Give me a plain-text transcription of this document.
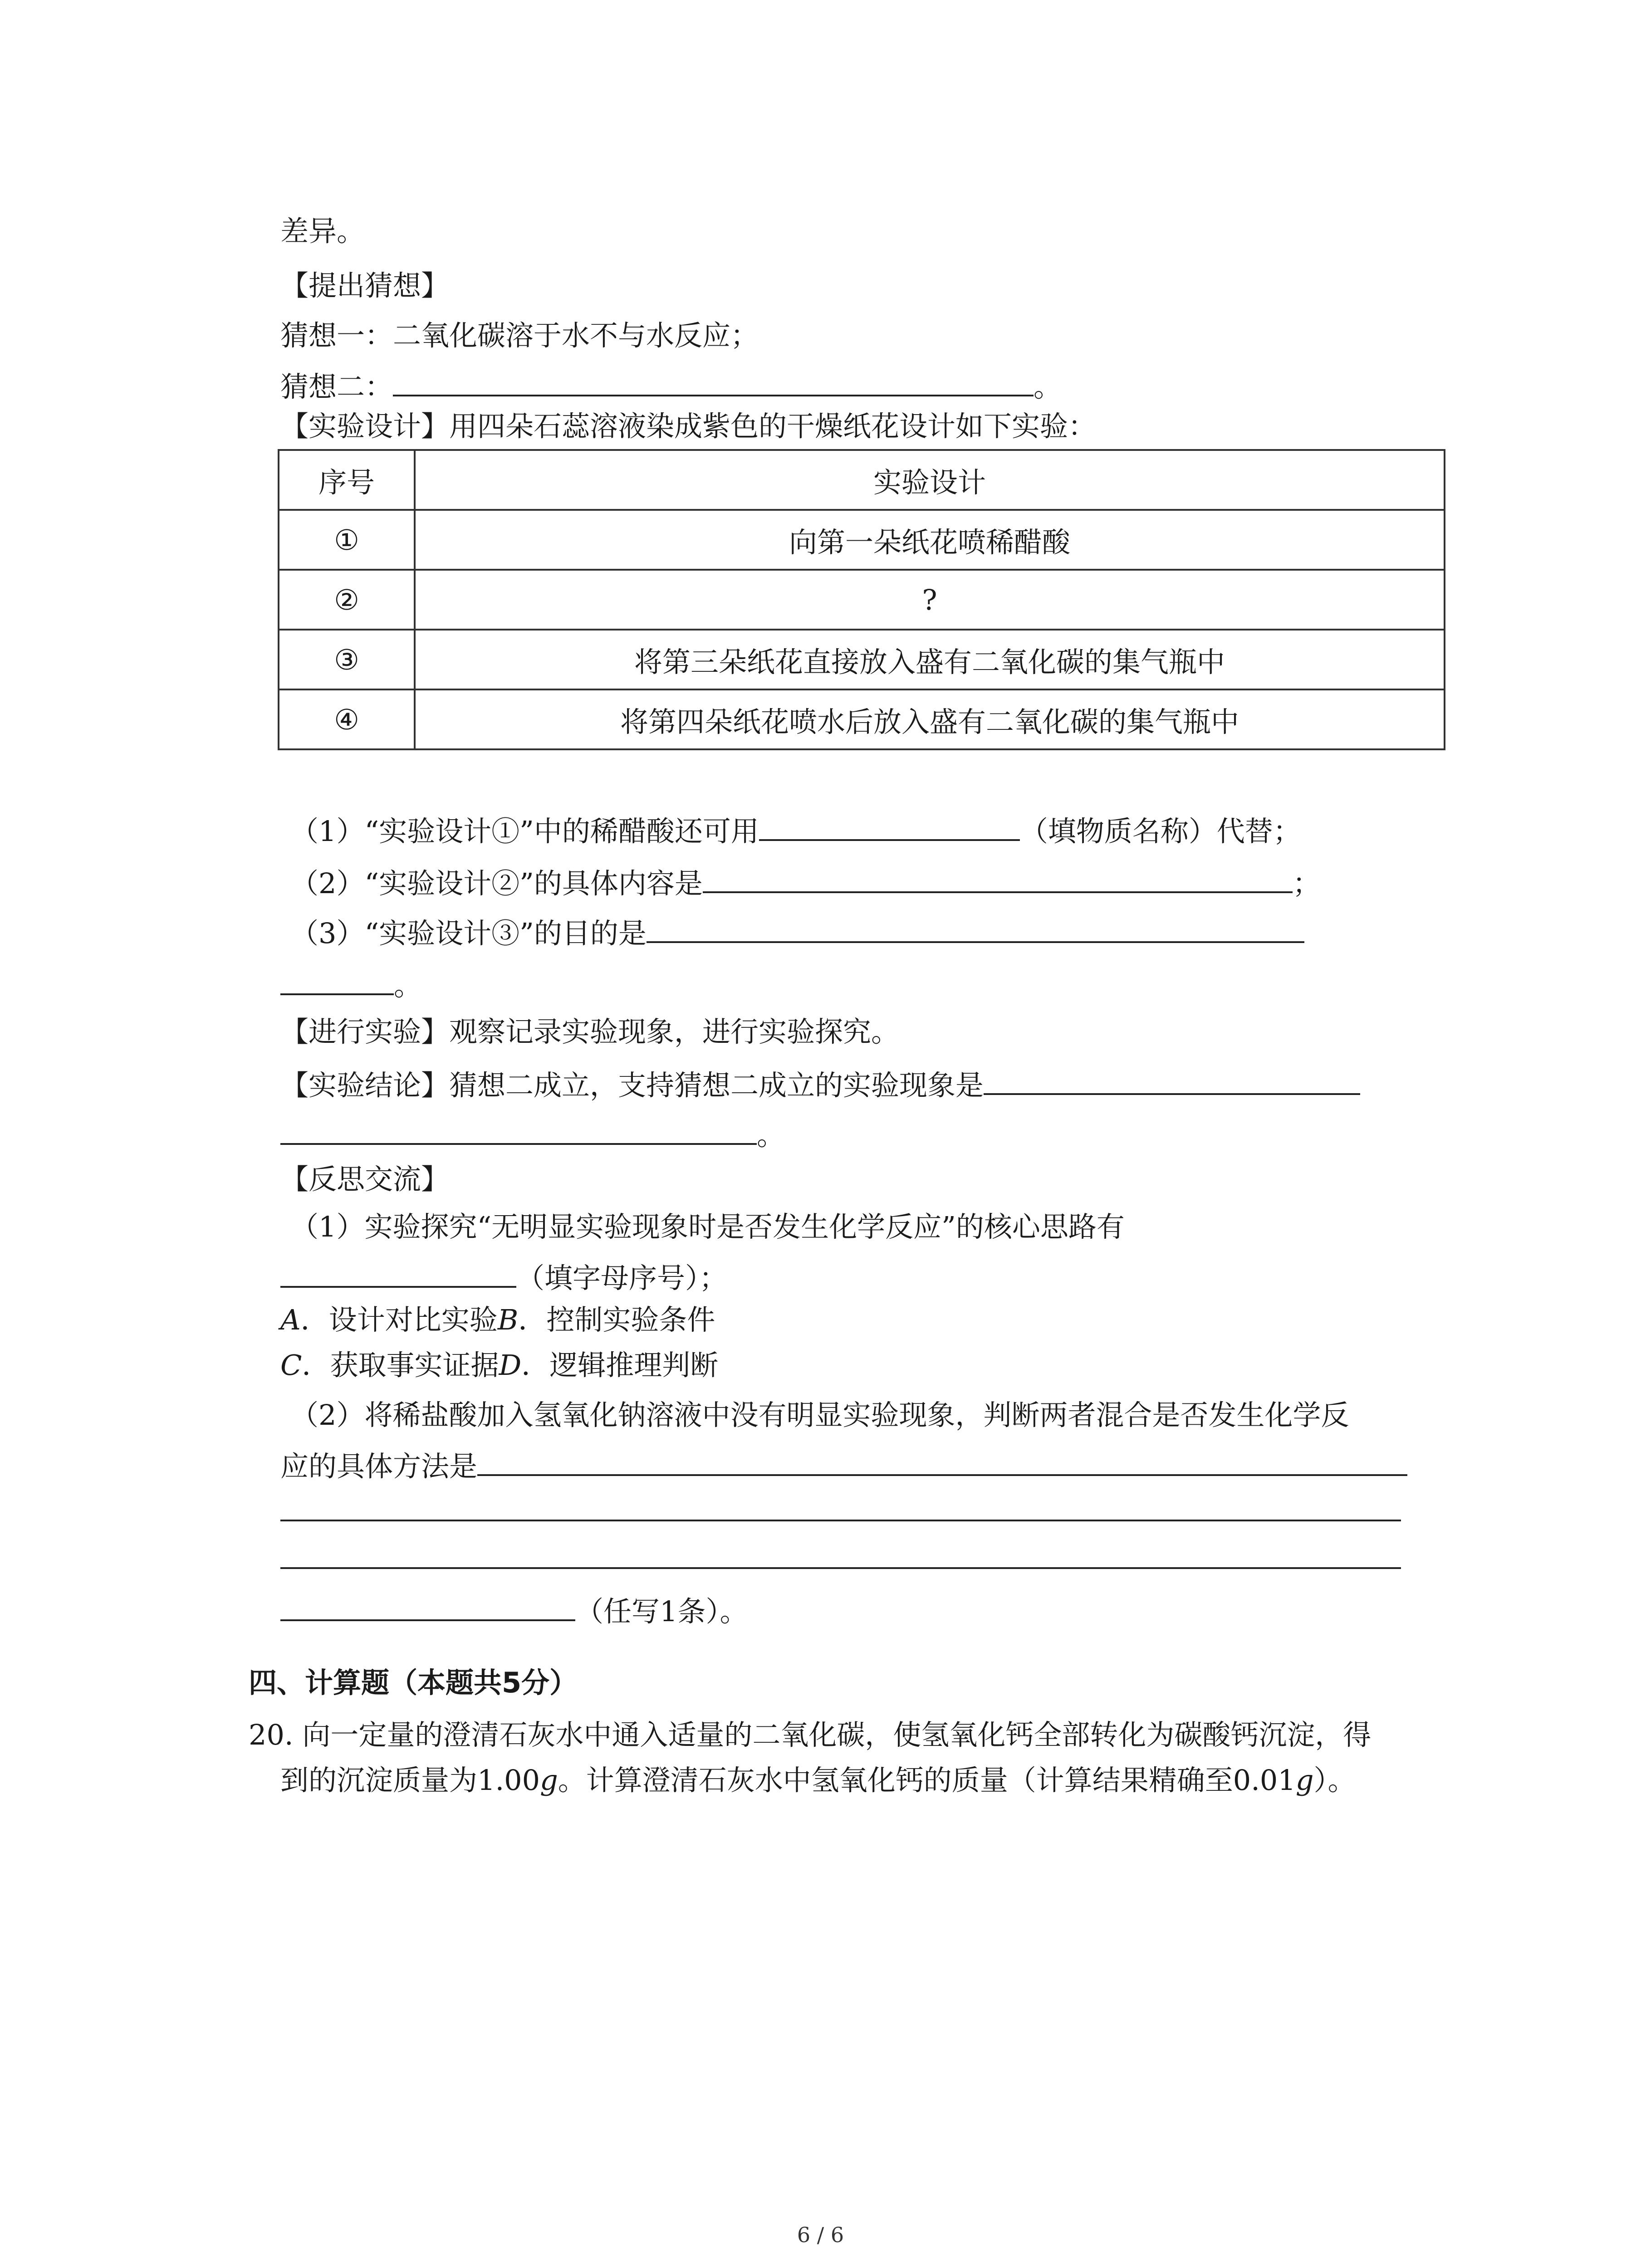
差异。
【提出猜想】
猜想一：二氧化碳溶于水不与水反应；
猜想二：	。
【实验设计】用四朵石蕊溶液染成紫色的干燥纸花设计如下实验：
序号	实验设计
①	向第一朵纸花喷稀醋酸
②	?
③	将第三朵纸花直接放入盛有二氧化碳的集气瓶中
④	将第四朵纸花喷水后放入盛有二氧化碳的集气瓶中
（1）“实验设计①”中的稀醋酸还可用	（填物质名称）代替；
（2）“实验设计②”的具体内容是	；
（3）“实验设计③”的目的是
。
【进行实验】观察记录实验现象，进行实验探究。
【实验结论】猜想二成立，支持猜想二成立的实验现象是
。
【反思交流】
（1）实验探究“无明显实验现象时是否发生化学反应”的核心思路有
（填字母序号）；
A．设计对比实验B．控制实验条件
C．获取事实证据D．逻辑推理判断
（2）将稀盐酸加入氢氧化钠溶液中没有明显实验现象，判断两者混合是否发生化学反
应的具体方法是
（任写1条）。
四、计算题（本题共5分）
20. 向一定量的澄清石灰水中通入适量的二氧化碳，使氢氧化钙全部转化为碳酸钙沉淀，得
到的沉淀质量为1.00g。计算澄清石灰水中氢氧化钙的质量（计算结果精确至0.01g）。
6 / 6
